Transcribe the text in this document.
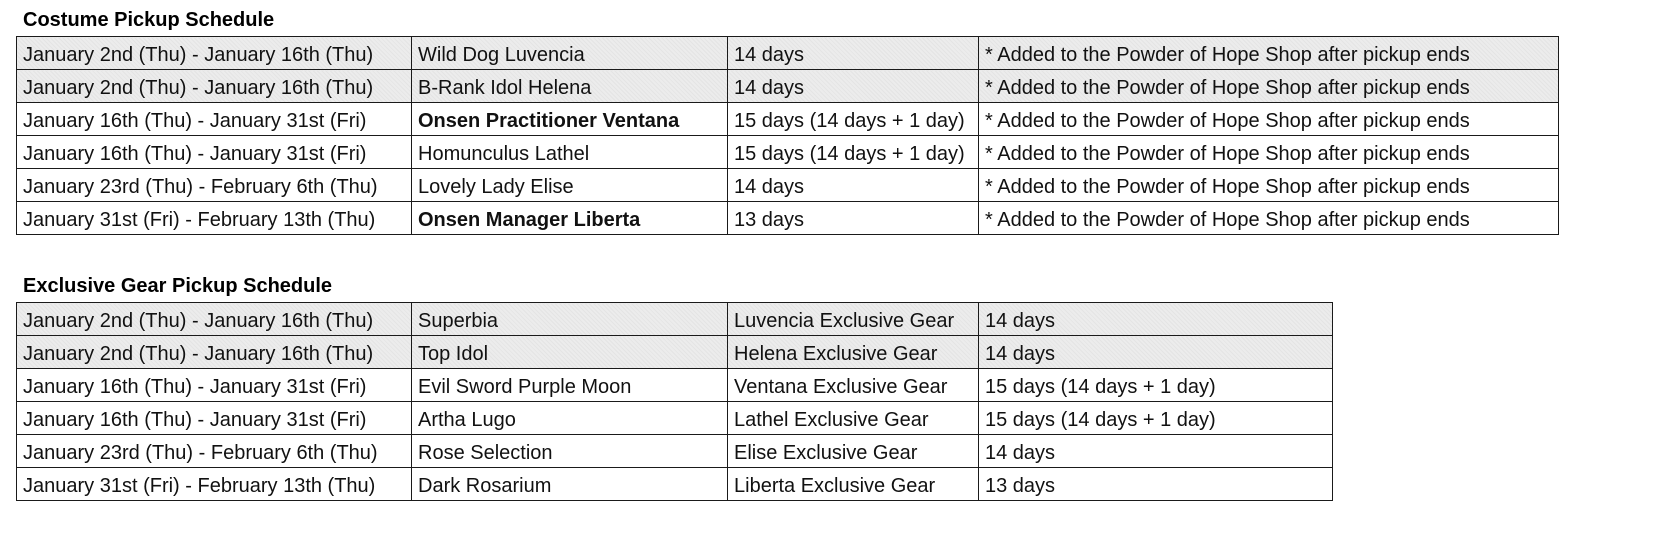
Costume Pickup Schedule
January 2nd (Thu) - January 16th (Thu)	Wild Dog Luvencia	14 days	* Added to the Powder of Hope Shop after pickup ends
January 2nd (Thu) - January 16th (Thu)	B-Rank Idol Helena	14 days	* Added to the Powder of Hope Shop after pickup ends
January 16th (Thu) - January 31st (Fri)	Onsen Practitioner Ventana	15 days (14 days + 1 day)	* Added to the Powder of Hope Shop after pickup ends
January 16th (Thu) - January 31st (Fri)	Homunculus Lathel	15 days (14 days + 1 day)	* Added to the Powder of Hope Shop after pickup ends
January 23rd (Thu) - February 6th (Thu)	Lovely Lady Elise	14 days	* Added to the Powder of Hope Shop after pickup ends
January 31st (Fri) - February 13th (Thu)	Onsen Manager Liberta	13 days	* Added to the Powder of Hope Shop after pickup ends
Exclusive Gear Pickup Schedule
January 2nd (Thu) - January 16th (Thu)	Superbia	Luvencia Exclusive Gear	14 days
January 2nd (Thu) - January 16th (Thu)	Top Idol	Helena Exclusive Gear	14 days
January 16th (Thu) - January 31st (Fri)	Evil Sword Purple Moon	Ventana Exclusive Gear	15 days (14 days + 1 day)
January 16th (Thu) - January 31st (Fri)	Artha Lugo	Lathel Exclusive Gear	15 days (14 days + 1 day)
January 23rd (Thu) - February 6th (Thu)	Rose Selection	Elise Exclusive Gear	14 days
January 31st (Fri) - February 13th (Thu)	Dark Rosarium	Liberta Exclusive Gear	13 days
